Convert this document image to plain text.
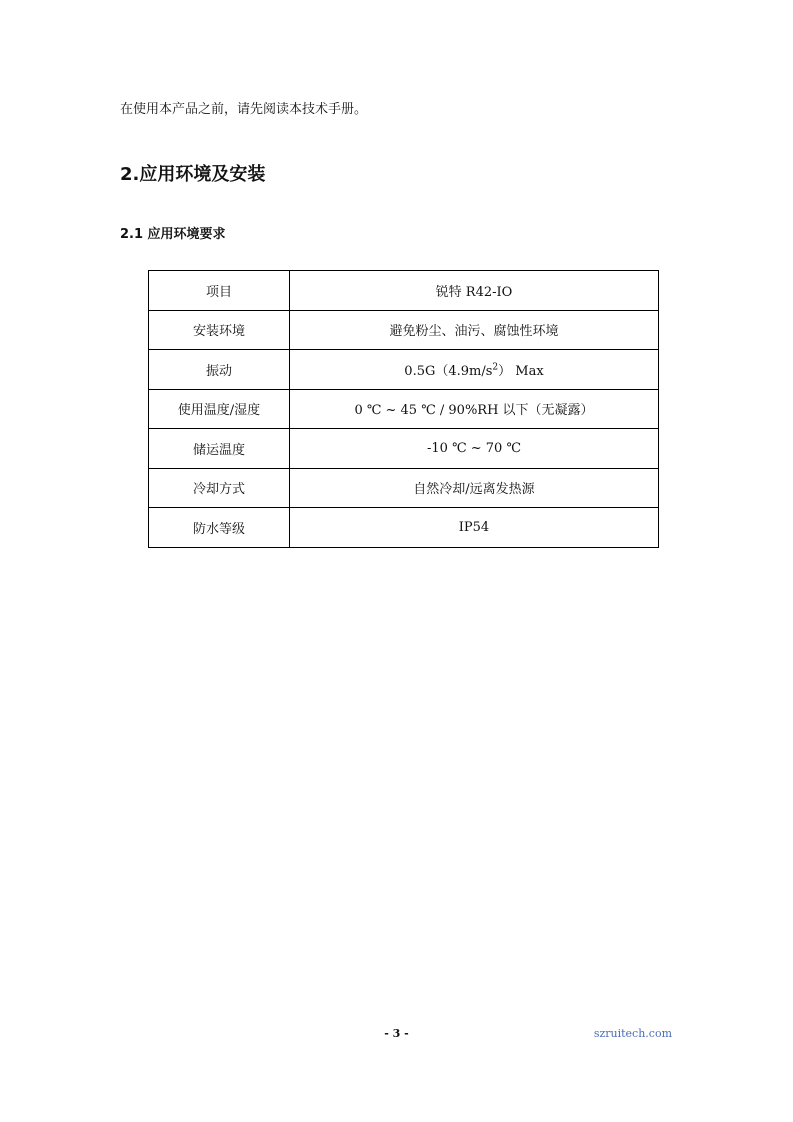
在使用本产品之前，请先阅读本技术手册。
2.应用环境及安装
2.1 应用环境要求
项目	锐特 R42-IO
安装环境	避免粉尘、油污、腐蚀性环境
振动	$0.5G(4.9m/s^2)$ Max
使用温度/湿度	0 ℃ ~ 45 ℃ / 90%RH 以下（无凝露）
储运温度	-10 ℃ ~ 70 ℃
冷却方式	自然冷却/远离发热源
防水等级	IP54
- 3 -	szruitech.com
